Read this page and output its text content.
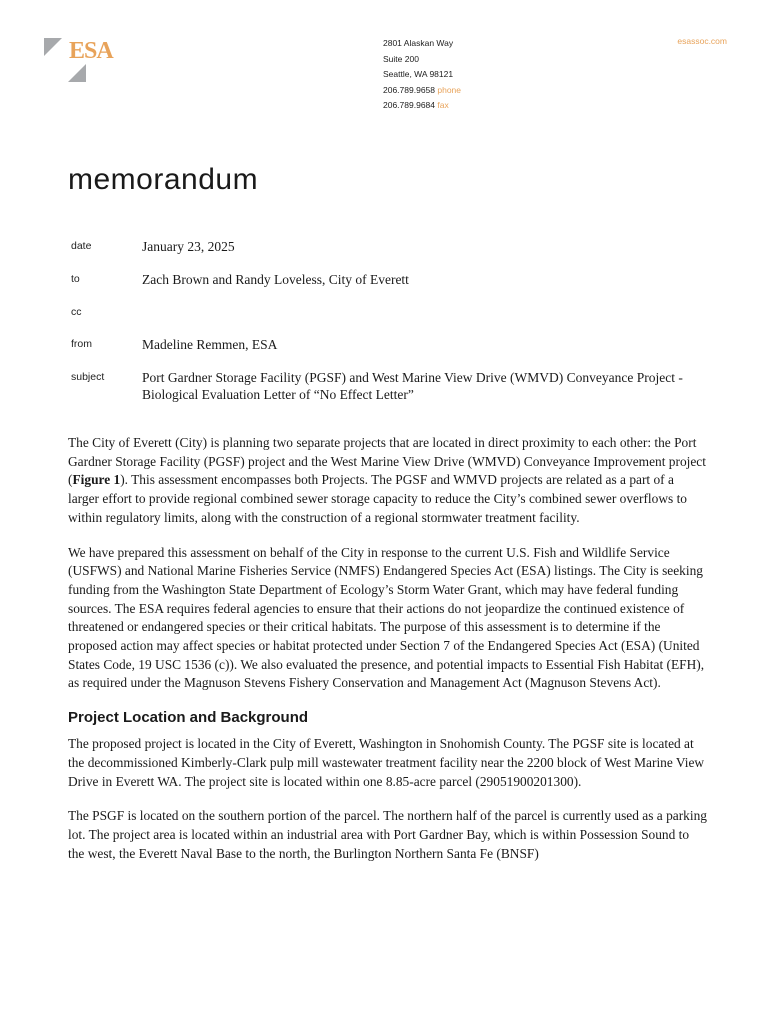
ESA	2801 Alaskan Way
Suite 200
Seattle, WA 98121
206.789.9658 phone
206.789.9684 fax
esassoc.com
memorandum
date	January 23, 2025
to	Zach Brown and Randy Loveless, City of Everett
cc
from	Madeline Remmen, ESA
subject	Port Gardner Storage Facility (PGSF) and West Marine View Drive (WMVD) Conveyance Project - Biological Evaluation Letter of “No Effect Letter”

The City of Everett (City) is planning two separate projects that are located in direct proximity to each other: the Port Gardner Storage Facility (PGSF) project and the West Marine View Drive (WMVD) Conveyance Improvement project (Figure 1). This assessment encompasses both Projects. The PGSF and WMVD projects are related as a part of a larger effort to provide regional combined sewer storage capacity to reduce the City’s combined sewer overflows to within regulatory limits, along with the construction of a regional stormwater treatment facility.

We have prepared this assessment on behalf of the City in response to the current U.S. Fish and Wildlife Service (USFWS) and National Marine Fisheries Service (NMFS) Endangered Species Act (ESA) listings. The City is seeking funding from the Washington State Department of Ecology’s Storm Water Grant, which may have federal funding sources. The ESA requires federal agencies to ensure that their actions do not jeopardize the continued existence of threatened or endangered species or their critical habitats. The purpose of this assessment is to determine if the proposed action may affect species or habitat protected under Section 7 of the Endangered Species Act (ESA) (United States Code, 19 USC 1536 (c)). We also evaluated the presence, and potential impacts to Essential Fish Habitat (EFH), as required under the Magnuson Stevens Fishery Conservation and Management Act (Magnuson Stevens Act).

Project Location and Background

The proposed project is located in the City of Everett, Washington in Snohomish County. The PGSF site is located at the decommissioned Kimberly-Clark pulp mill wastewater treatment facility near the 2200 block of West Marine View Drive in Everett WA. The project site is located within one 8.85-acre parcel (29051900201300).

The PSGF is located on the southern portion of the parcel. The northern half of the parcel is currently used as a parking lot. The project area is located within an industrial area with Port Gardner Bay, which is within Possession Sound to the west, the Everett Naval Base to the north, the Burlington Northern Santa Fe (BNSF)
